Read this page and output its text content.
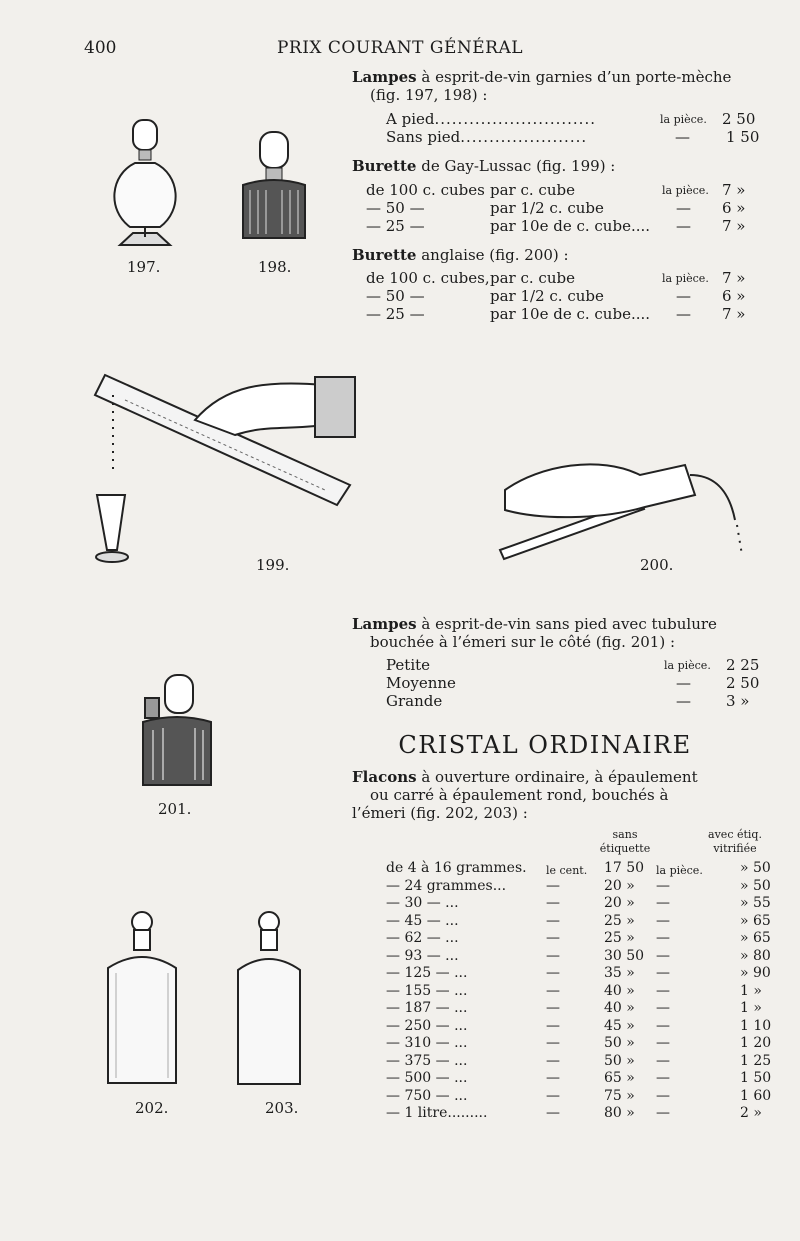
400	PRIX COURANT GÉNÉRAL
Lampes à esprit-de-vin garnies d’un porte-mèche
(fig. 197, 198) :
A pied............................	la pièce. 2 50
Sans pied......................	— 1 50
Burette de Gay-Lussac (fig. 199) :
de 100 c. cubes par c. cube	la pièce. 7 »
— 50 —	par 1/2 c. cube	— 6 »
— 25 —	par 10e de c. cube.... — 7 »
Burette anglaise (fig. 200) :
de 100 c. cubes, par c. cube	la pièce. 7 »
— 50 —	par 1/2 c. cube	— 6 »
— 25 —	par 10e de c. cube.... — 7 »
Lampes à esprit-de-vin sans pied avec tubulure
bouchée à l’émeri sur le côté (fig. 201) :
Petite	la pièce. 2 25
Moyenne	— 2 50
Grande	— 3 »
CRISTAL ORDINAIRE
Flacons à ouverture ordinaire, à épaulement
ou carré à épaulement rond, bouchés à
l’émeri (fig. 202, 203) :
sans
étiquette
avec étiq.
vitrifiée
de 4 à 16 grammes. le cent. 17 50 la pièce.	» 50
— 24 grammes...	—	20 » —	» 50
— 30 — ...	—	20 » —	» 55
— 45 — ...	—	25 » —	» 65
— 62 — ...	—	25 » —	» 65
— 93 — ...	—	30 50 —	» 80
— 125 — ...	—	35 » —	» 90
— 155 — ...	—	40 » —	1 »
— 187 — ...	—	40 » —	1 »
— 250 — ...	—	45 » —	1 10
— 310 — ...	—	50 » —	1 20
— 375 — ...	—	50 » —	1 25
— 500 — ...	—	65 » —	1 50
— 750 — ...	—	75 » —	1 60
— 1 litre.........	—	80 » —	2 »
197.	198.
199.	200.
201.
202.	203.
